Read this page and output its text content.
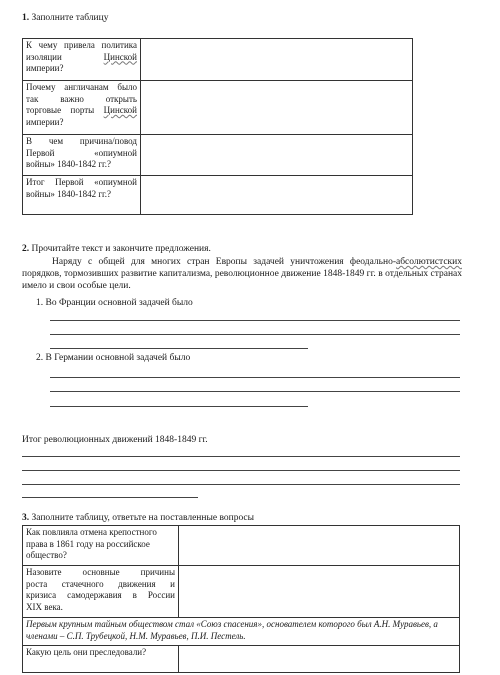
1. Заполните таблицу
К чему привела политика
изоляции Цинской
империи?	

Почему англичанам было
так важно открыть
торговые порты Цинской
империи?	

В чем причина/повод
Первой «опиумной
войны» 1840-1842 гг.?	

Итог Первой «опиумной
войны» 1840-1842 гг.?	

2. Прочитайте текст и закончите предложения.
Наряду с общей для многих стран Европы задачей уничтожения феодально-абсолютистских порядков, тормозивших развитие капитализма, революционное движение 1848-1849 гг. в отдельных странах имело и свои особые цели.
1. Во Франции основной задачей было
2. В Германии основной задачей было
Итог революционных движений 1848-1849 гг.
3. Заполните таблицу, ответьте на поставленные вопросы
Как повлияла отмена крепостного
права в 1861 году на российское
общество?	

Назовите основные причины
роста стачечного движения и
кризиса самодержавия в России
XIX века.	

Первым крупным тайным обществом стал «Союз спасения», основателем которого был А.Н. Муравьев, а членами – С.П. Трубецкой, Н.М. Муравьев, П.И. Пестель.	
Какую цель они преследовали?	
